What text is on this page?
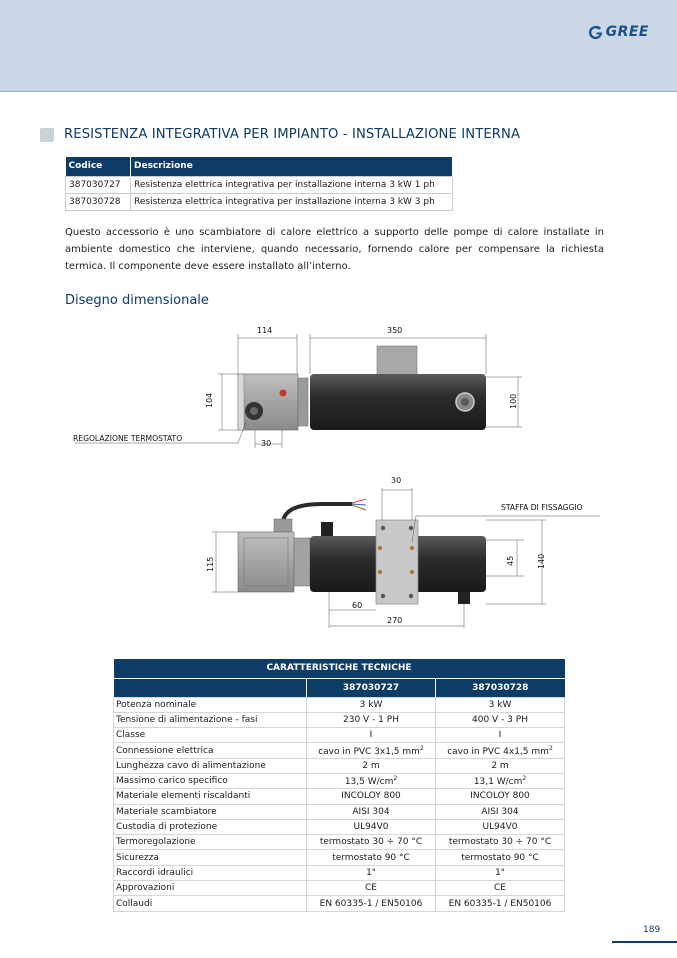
GREE
RESISTENZA INTEGRATIVA PER IMPIANTO - INSTALLAZIONE INTERNA
Codice	Descrizione
387030727	Resistenza elettrica integrativa per installazione interna 3 kW 1 ph
387030728	Resistenza elettrica integrativa per installazione interna 3 kW 3 ph

Questo accessorio è uno scambiatore di calore elettrico a supporto delle pompe di calore installate in ambiente domestico che interviene, quando necessario, fornendo calore per compensare la richiesta termica. Il componente deve essere installato all’interno.

Disegno dimensionale
114	350
104	100
30
REGOLAZIONE TERMOSTATO
30
STAFFA DI FISSAGGIO
115	45	140
60
270
CARATTERISTICHE TECNICHE		
	387030727	387030728
Potenza nominale	3 kW	3 kW
Tensione di alimentazione - fasi	230 V - 1 PH	400 V - 3 PH
Classe	I	I
Connessione elettrica	cavo in PVC 3x1,5 $mm^2$	cavo in PVC 4x1,5 $mm^2$
Lunghezza cavo di alimentazione	2 m	2 m
Massimo carico specifico	13,5 $W/cm^2$	13,1 $W/cm^2$
Materiale elementi riscaldanti	INCOLOY 800	INCOLOY 800
Materiale scambiatore	AISI 304	AISI 304
Custodia di protezione	UL94V0	UL94V0
Termoregolazione	termostato 30 ÷ 70 °C	termostato 30 ÷ 70 °C
Sicurezza	termostato 90 °C	termostato 90 °C
Raccordi idraulici	1"	1"
Approvazioni	CE	CE
Collaudi	EN 60335-1 / EN50106	EN 60335-1 / EN50106
189
